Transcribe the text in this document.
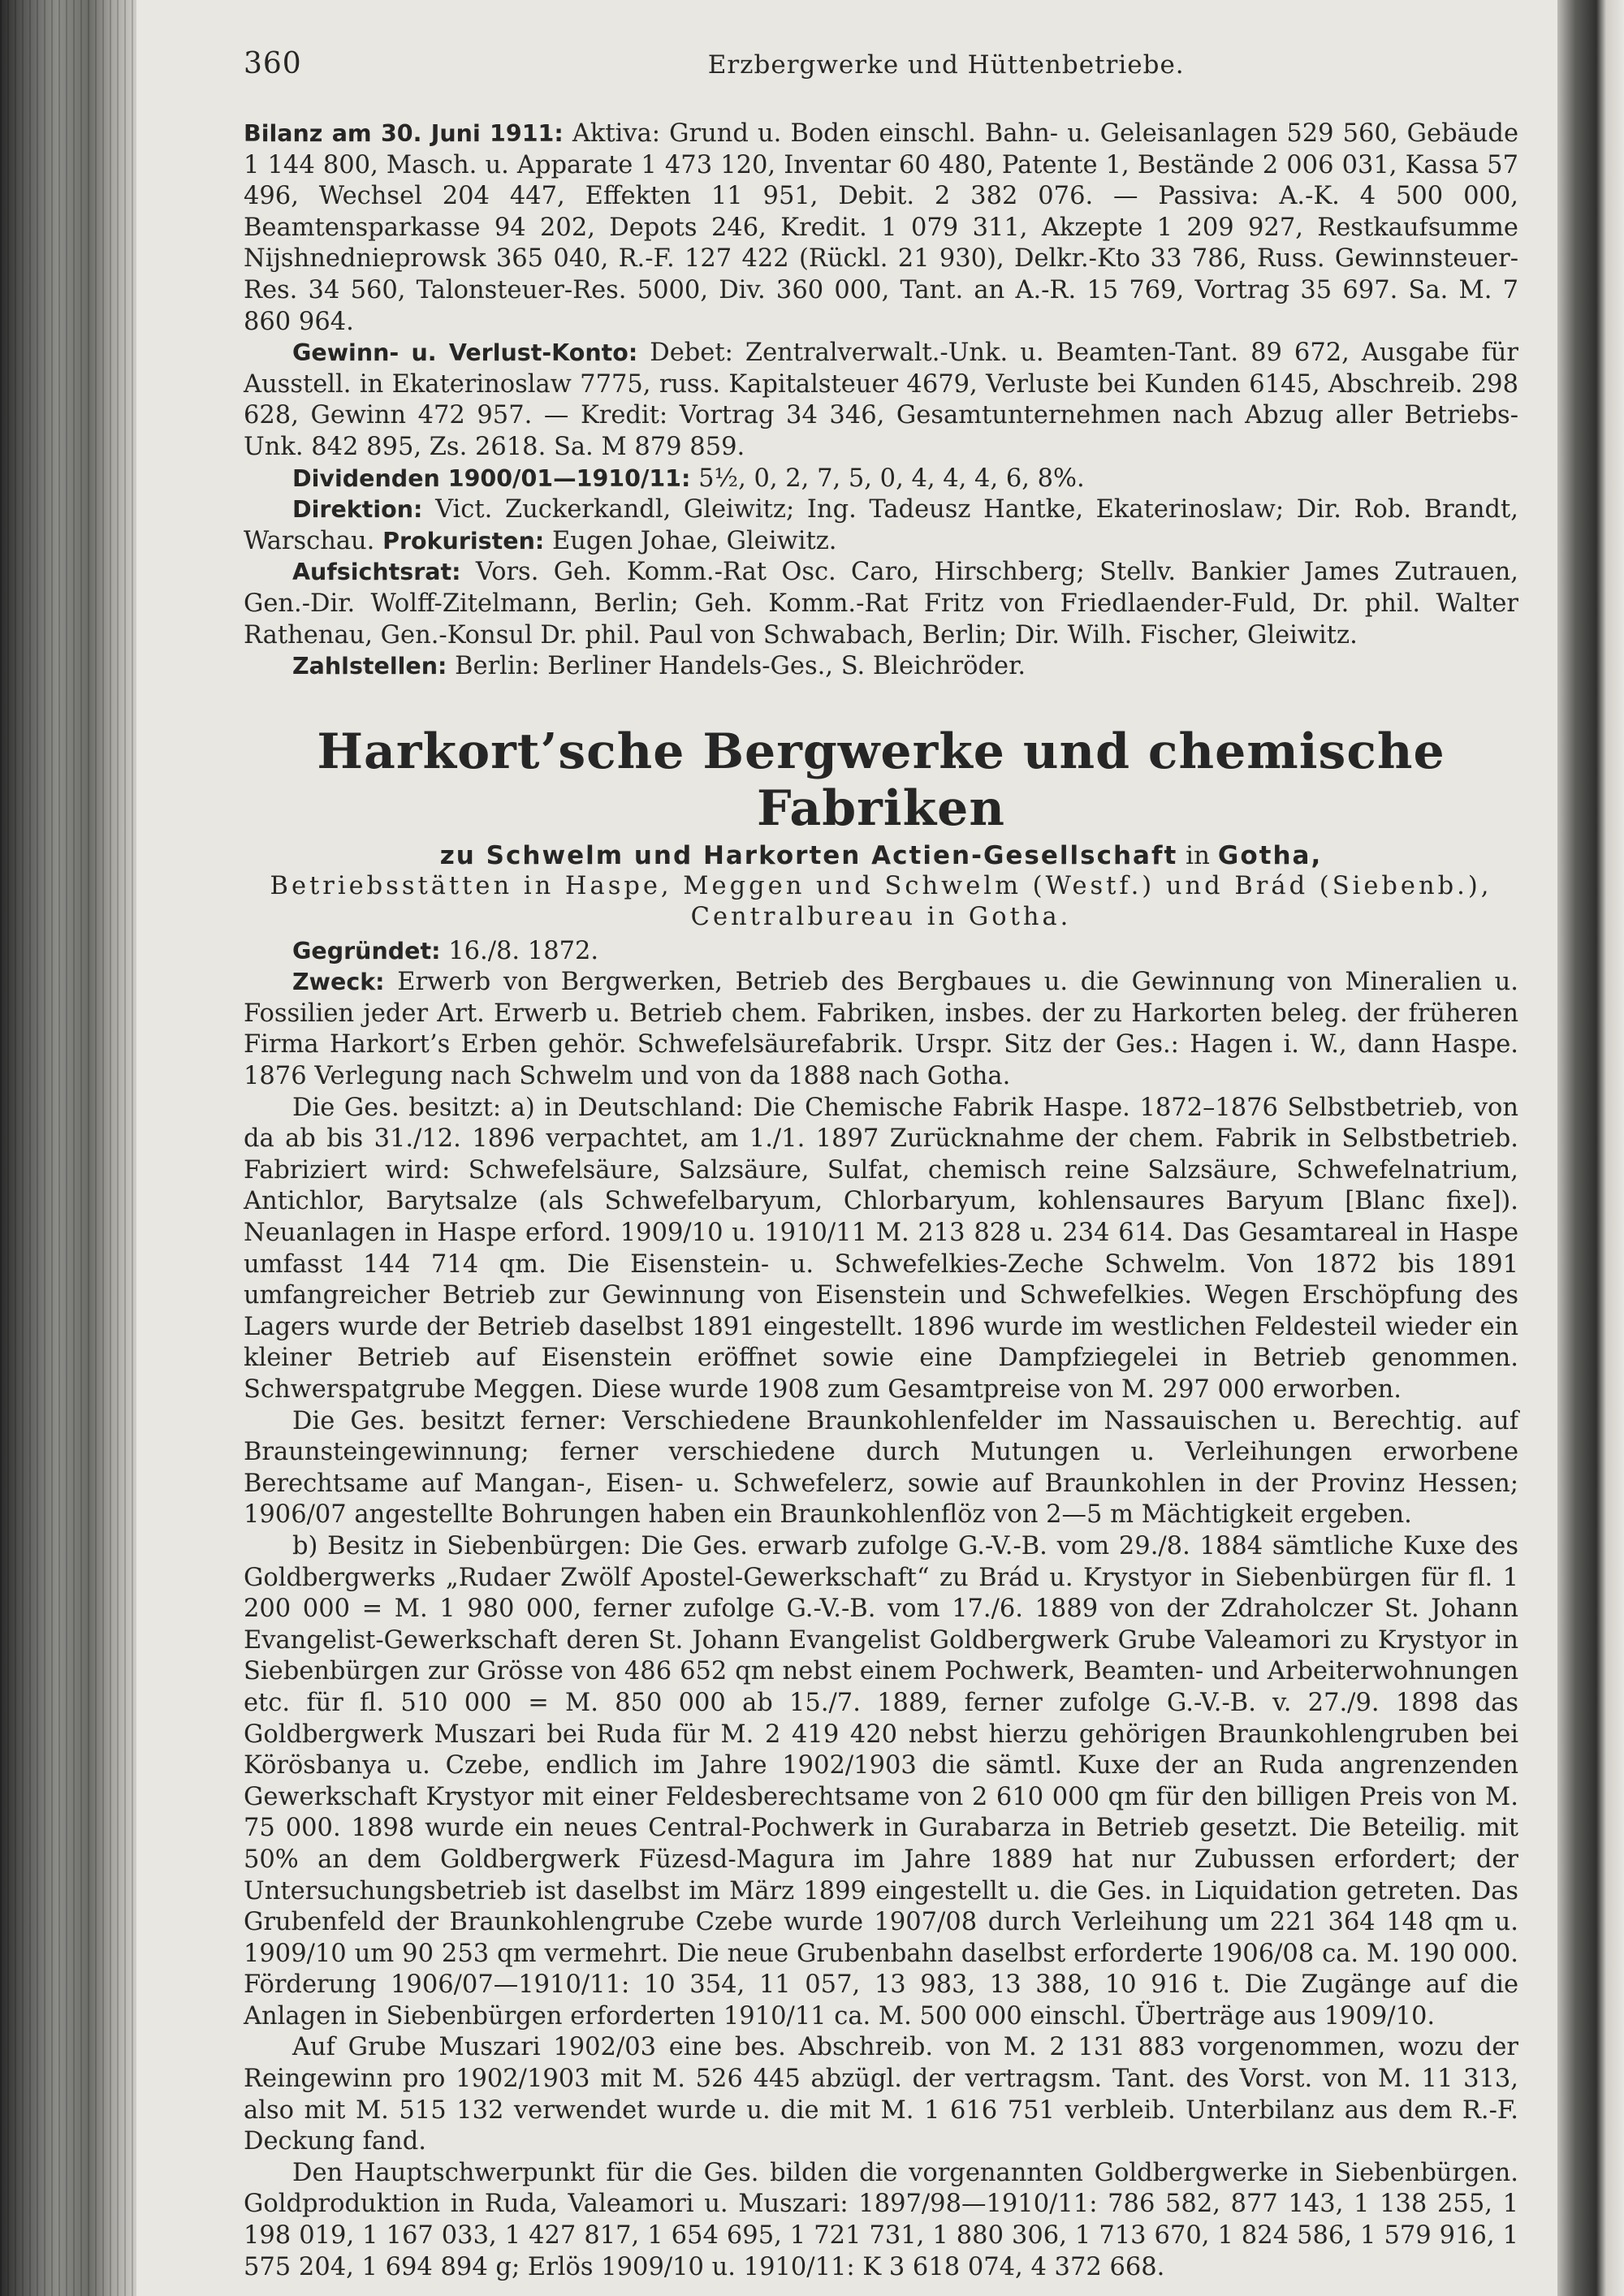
360	Erzbergwerke und Hüttenbetriebe.

Bilanz am 30. Juni 1911: Aktiva: Grund u. Boden einschl. Bahn- u. Geleisanlagen 529 560, Gebäude 1 144 800, Masch. u. Apparate 1 473 120, Inventar 60 480, Patente 1, Bestände 2 006 031, Kassa 57 496, Wechsel 204 447, Effekten 11 951, Debit. 2 382 076. — Passiva: A.-K. 4 500 000, Beamtensparkasse 94 202, Depots 246, Kredit. 1 079 311, Akzepte 1 209 927, Restkaufsumme Nijshnednieprowsk 365 040, R.-F. 127 422 (Rückl. 21 930), Delkr.-Kto 33 786, Russ. Gewinnsteuer-Res. 34 560, Talonsteuer-Res. 5000, Div. 360 000, Tant. an A.-R. 15 769, Vortrag 35 697. Sa. M. 7 860 964.

Gewinn- u. Verlust-Konto: Debet: Zentralverwalt.-Unk. u. Beamten-Tant. 89 672, Ausgabe für Ausstell. in Ekaterinoslaw 7775, russ. Kapitalsteuer 4679, Verluste bei Kunden 6145, Abschreib. 298 628, Gewinn 472 957. — Kredit: Vortrag 34 346, Gesamtunternehmen nach Abzug aller Betriebs-Unk. 842 895, Zs. 2618. Sa. M 879 859.

Dividenden 1900/01—1910/11: 5½, 0, 2, 7, 5, 0, 4, 4, 4, 6, 8%.

Direktion: Vict. Zuckerkandl, Gleiwitz; Ing. Tadeusz Hantke, Ekaterinoslaw; Dir. Rob. Brandt, Warschau. Prokuristen: Eugen Johae, Gleiwitz.

Aufsichtsrat: Vors. Geh. Komm.-Rat Osc. Caro, Hirschberg; Stellv. Bankier James Zutrauen, Gen.-Dir. Wolff-Zitelmann, Berlin; Geh. Komm.-Rat Fritz von Friedlaender-Fuld, Dr. phil. Walter Rathenau, Gen.-Konsul Dr. phil. Paul von Schwabach, Berlin; Dir. Wilh. Fischer, Gleiwitz.

Zahlstellen: Berlin: Berliner Handels-Ges., S. Bleichröder.

Harkort’sche Bergwerke und chemische Fabriken
zu Schwelm und Harkorten Actien-Gesellschaft in Gotha,
Betriebsstätten in Haspe, Meggen und Schwelm (Westf.) und Brád (Siebenb.),
Centralbureau in Gotha.

Gegründet: 16./8. 1872.

Zweck: Erwerb von Bergwerken, Betrieb des Bergbaues u. die Gewinnung von Mineralien u. Fossilien jeder Art. Erwerb u. Betrieb chem. Fabriken, insbes. der zu Harkorten beleg. der früheren Firma Harkort’s Erben gehör. Schwefelsäurefabrik. Urspr. Sitz der Ges.: Hagen i. W., dann Haspe. 1876 Verlegung nach Schwelm und von da 1888 nach Gotha.

Die Ges. besitzt: a) in Deutschland: Die Chemische Fabrik Haspe. 1872–1876 Selbstbetrieb, von da ab bis 31./12. 1896 verpachtet, am 1./1. 1897 Zurücknahme der chem. Fabrik in Selbstbetrieb. Fabriziert wird: Schwefelsäure, Salzsäure, Sulfat, chemisch reine Salzsäure, Schwefelnatrium, Antichlor, Barytsalze (als Schwefelbaryum, Chlorbaryum, kohlensaures Baryum [Blanc fixe]). Neuanlagen in Haspe erford. 1909/10 u. 1910/11 M. 213 828 u. 234 614. Das Gesamtareal in Haspe umfasst 144 714 qm. Die Eisenstein- u. Schwefelkies-Zeche Schwelm. Von 1872 bis 1891 umfangreicher Betrieb zur Gewinnung von Eisenstein und Schwefelkies. Wegen Erschöpfung des Lagers wurde der Betrieb daselbst 1891 eingestellt. 1896 wurde im westlichen Feldesteil wieder ein kleiner Betrieb auf Eisenstein eröffnet sowie eine Dampfziegelei in Betrieb genommen. Schwerspatgrube Meggen. Diese wurde 1908 zum Gesamtpreise von M. 297 000 erworben.

Die Ges. besitzt ferner: Verschiedene Braunkohlenfelder im Nassauischen u. Berechtig. auf Braunsteingewinnung; ferner verschiedene durch Mutungen u. Verleihungen erworbene Berechtsame auf Mangan-, Eisen- u. Schwefelerz, sowie auf Braunkohlen in der Provinz Hessen; 1906/07 angestellte Bohrungen haben ein Braunkohlenflöz von 2—5 m Mächtigkeit ergeben.

b) Besitz in Siebenbürgen: Die Ges. erwarb zufolge G.-V.-B. vom 29./8. 1884 sämtliche Kuxe des Goldbergwerks „Rudaer Zwölf Apostel-Gewerkschaft“ zu Brád u. Krystyor in Siebenbürgen für fl. 1 200 000 = M. 1 980 000, ferner zufolge G.-V.-B. vom 17./6. 1889 von der Zdraholczer St. Johann Evangelist-Gewerkschaft deren St. Johann Evangelist Goldbergwerk Grube Valeamori zu Krystyor in Siebenbürgen zur Grösse von 486 652 qm nebst einem Pochwerk, Beamten- und Arbeiterwohnungen etc. für fl. 510 000 = M. 850 000 ab 15./7. 1889, ferner zufolge G.-V.-B. v. 27./9. 1898 das Goldbergwerk Muszari bei Ruda für M. 2 419 420 nebst hierzu gehörigen Braunkohlengruben bei Körösbanya u. Czebe, endlich im Jahre 1902/1903 die sämtl. Kuxe der an Ruda angrenzenden Gewerkschaft Krystyor mit einer Feldesberechtsame von 2 610 000 qm für den billigen Preis von M. 75 000. 1898 wurde ein neues Central-Pochwerk in Gurabarza in Betrieb gesetzt. Die Beteilig. mit 50% an dem Goldbergwerk Füzesd-Magura im Jahre 1889 hat nur Zubussen erfordert; der Untersuchungsbetrieb ist daselbst im März 1899 eingestellt u. die Ges. in Liquidation getreten. Das Grubenfeld der Braunkohlengrube Czebe wurde 1907/08 durch Verleihung um 221 364 148 qm u. 1909/10 um 90 253 qm vermehrt. Die neue Grubenbahn daselbst erforderte 1906/08 ca. M. 190 000. Förderung 1906/07—1910/11: 10 354, 11 057, 13 983, 13 388, 10 916 t. Die Zugänge auf die Anlagen in Siebenbürgen erforderten 1910/11 ca. M. 500 000 einschl. Überträge aus 1909/10.

Auf Grube Muszari 1902/03 eine bes. Abschreib. von M. 2 131 883 vorgenommen, wozu der Reingewinn pro 1902/1903 mit M. 526 445 abzügl. der vertragsm. Tant. des Vorst. von M. 11 313, also mit M. 515 132 verwendet wurde u. die mit M. 1 616 751 verbleib. Unterbilanz aus dem R.-F. Deckung fand.

Den Hauptschwerpunkt für die Ges. bilden die vorgenannten Goldbergwerke in Siebenbürgen. Goldproduktion in Ruda, Valeamori u. Muszari: 1897/98—1910/11: 786 582, 877 143, 1 138 255, 1 198 019, 1 167 033, 1 427 817, 1 654 695, 1 721 731, 1 880 306, 1 713 670, 1 824 586, 1 579 916, 1 575 204, 1 694 894 g; Erlös 1909/10 u. 1910/11: K 3 618 074, 4 372 668.
